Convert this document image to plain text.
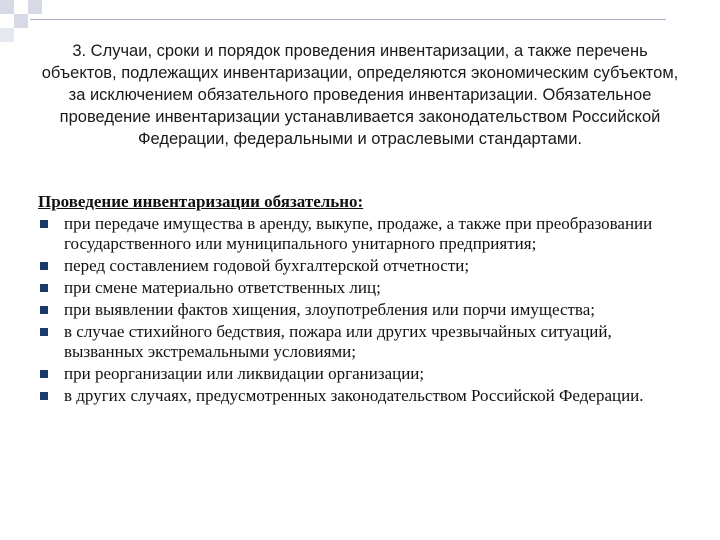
3. Случаи, сроки и порядок проведения инвентаризации, а также перечень объектов, подлежащих инвентаризации, определяются экономическим субъектом, за исключением обязательного проведения инвентаризации. Обязательное проведение инвентаризации устанавливается законодательством Российской Федерации, федеральными и отраслевыми стандартами.

Проведение инвентаризации обязательно:
при передаче имущества в аренду, выкупе, продаже, а также при преобразовании государственного или муниципального унитарного предприятия;
перед составлением годовой бухгалтерской отчетности;
при смене материально ответственных лиц;
при выявлении фактов хищения, злоупотребления или порчи имущества;
в случае стихийного бедствия, пожара или других чрезвычайных ситуаций, вызванных экстремальными условиями;
при реорганизации или ликвидации организации;
в других случаях, предусмотренных законодательством Российской Федерации.
